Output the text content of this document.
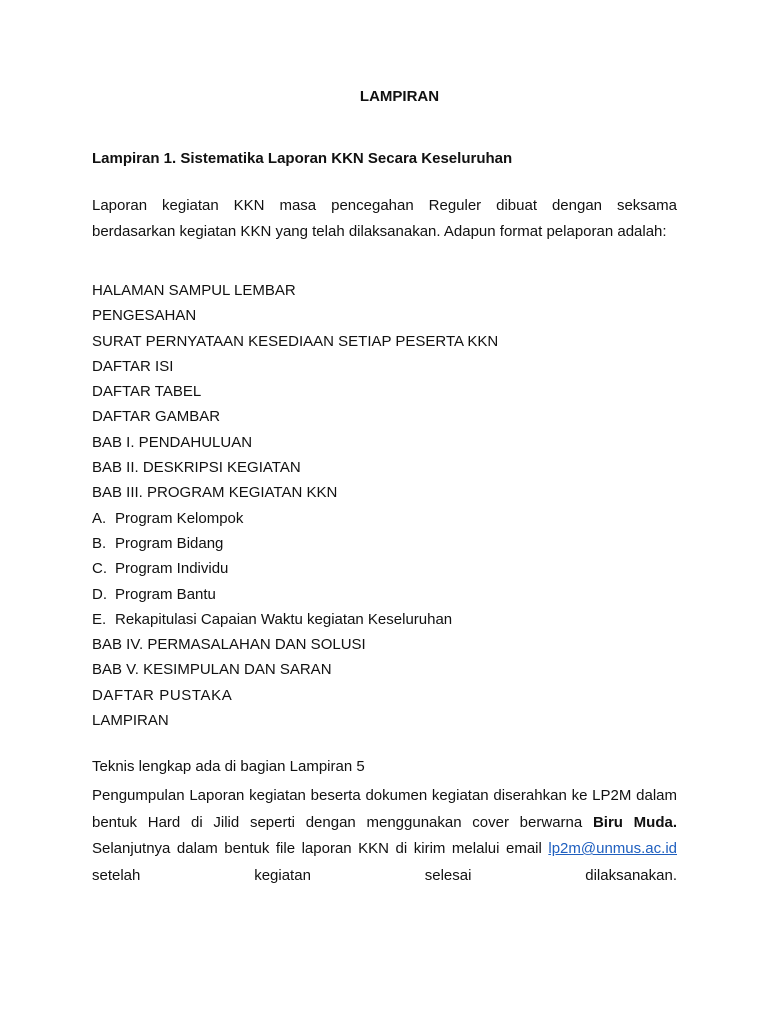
LAMPIRAN
Lampiran 1. Sistematika Laporan KKN Secara Keseluruhan

Laporan kegiatan KKN masa pencegahan Reguler dibuat dengan seksama berdasarkan kegiatan KKN yang telah dilaksanakan. Adapun format pelaporan adalah:

HALAMAN SAMPUL LEMBAR
PENGESAHAN
SURAT PERNYATAAN KESEDIAAN SETIAP PESERTA KKN
DAFTAR ISI
DAFTAR TABEL
DAFTAR GAMBAR
BAB I. PENDAHULUAN
BAB II. DESKRIPSI KEGIATAN
BAB III. PROGRAM KEGIATAN KKN
A. Program Kelompok
B. Program Bidang
C. Program Individu
D. Program Bantu
E. Rekapitulasi Capaian Waktu kegiatan Keseluruhan
BAB IV. PERMASALAHAN DAN SOLUSI
BAB V. KESIMPULAN DAN SARAN
DAFTAR PUSTAKA
LAMPIRAN
Teknis lengkap ada di bagian Lampiran 5

Pengumpulan Laporan kegiatan beserta dokumen kegiatan diserahkan ke LP2M dalam bentuk Hard di Jilid seperti dengan menggunakan cover berwarna Biru Muda. Selanjutnya dalam bentuk file laporan KKN di kirim melalui email lp2m@unmus.ac.id setelah kegiatan selesai dilaksanakan.
